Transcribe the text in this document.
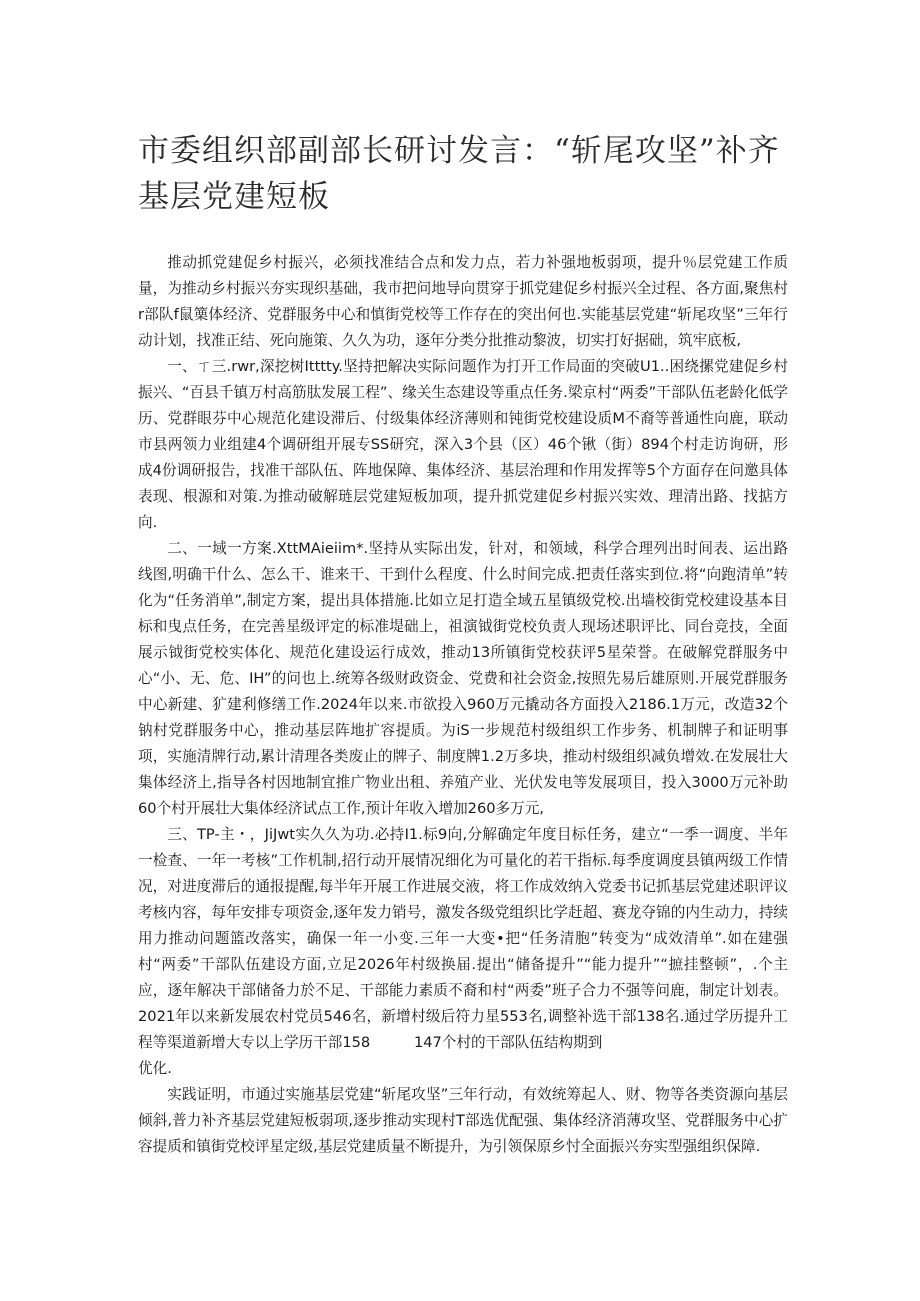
市委组织部副部长研讨发言：“斩尾攻坚”补齐基层党建短板

推动抓党建促乡村振兴，必须找准结合点和发力点，若力补强地板弱项，提升％层党建工作质量，为推动乡村振兴夯实现织基础，我市把问地导向贯穿于抓党建促乡村振兴全过程、各方面,聚焦村r部队f鼠篥体经济、党群服务中心和慎街党校等工作存在的突出何也.实能基层党建“斩尾攻坚”三年行动计划，找准正结、死向施策、久久为功，逐年分类分批推动黎波，切实打好据础，筑牢底板,

一、ㄒ三.rwr,深挖树Itttty.坚持把解决实际问题作为打开工作局面的突破U1..困绕摞党建促乡村振兴、“百县千镇万村高筋肽发展工程”、缘关生态建设等重点任务.梁京村“两委”干部队伍老龄化低学历、党群眼芬中心规范化建设滞后、付级集体经济薄则和钝街党校建设质M不裔等普通性向鹿，联动市县两领力业组建4个调研组开展专SS研究，深入3个县（区）46个锹（街）894个村走访询研，形成4份调研报告，找准干部队伍、阵地保障、集体经济、基层治理和作用发挥等5个方面存在问邀具体表现、根源和对策.为推动破解琏层党建短板加项，提升抓党建促乡村振兴实效、理清出路、找掂方向.

二、一域一方案.XttMAieiim*.坚持从实际出发，针对，和领域，科学合理列出时间表、运出路线图,明确干什么、怎么干、谁来干、干到什么程度、什么时间完成.把责任落实到位.将“向跑清单”转化为“任务消单”,制定方案，提出具体措施.比如立足打造全域五星镇级党校.出墙校街党校建设基本目标和曳点任务，在完善星级评定的标准堤础上，祖演钺街党校负责人现场述职评比、同台竞技，全面展示钺街党校实体化、规范化建设运行成效，推动13所镇街党校获评5星荣誉。在破解党群服务中心“小、无、危、IH”的问也上.统筹各级财政资金、党费和社会资金,按照先易后雄原则.开展党群服务中心新建、犷建利修缮工作.2024年以来.市欲投入960万元撬动各方面投入2186.1万元，改造32个钠村党群服务中心，推动基层阵地扩容提质。为iS一步规范村级组织工作步务、机制牌子和证明事项，实施清牌行动,累计清理各类废止的牌子、制度牌1.2万多块，推动村级组织减负增效.在发展壮大集体经济上,指导各村因地制宜推广物业出租、养殖产业、光伏发电等发展项目，投入3000万元补助60个村开展壮大集体经济试点工作,预计年收入增加260多万元,

三、TP-主・，JiJwt实久久为功.必持I1.标9向,分解确定年度目标任务，建立“一季一调度、半年一检查、一年一考核”工作机制,招行动开展情况细化为可量化的若干指标.每季度调度县镇两级工作情况，对进度滞后的通报提醒,每半年开展工作进展交液，将工作成效纳入党委书记抓基层党建述职评议考核内容，每年安排专项资金,逐年发力销号，激发各级党组织比学赶超、赛龙夺锦的内生动力，持续用力推动问题篮改落实，确保一年一小变.三年一大变•把“任务清胞”转变为“成效清单”.如在建强村“两委”干部队伍建设方面,立足2026年村级换届.提出“储备提升”“能力提升”“摭挂整顿”，.个主应，逐年解决干部储备力於不足、干部能力素质不裔和村“两委”班子合力不强等问鹿，制定计划表。2021年以来新发展农村党员546名，新增村级后符力星553名,调整补选干部138名.通过学历提升工程等渠道新增大专以上学历干部158　　　147个村的干部队伍结构期到

优化.

实践证明，市通过实施基层党建“斩尾攻坚”三年行动，有效统筹起人、财、物等各类资源向基层倾斜,普力补齐基层党建短板弱项,逐步推动实现村T部选优配强、集体经济消薄攻坚、党群服务中心扩容提质和镇街党校评星定级,基层党建质量不断提升，为引领保原乡忖全面振兴夯实型强组织保障.
